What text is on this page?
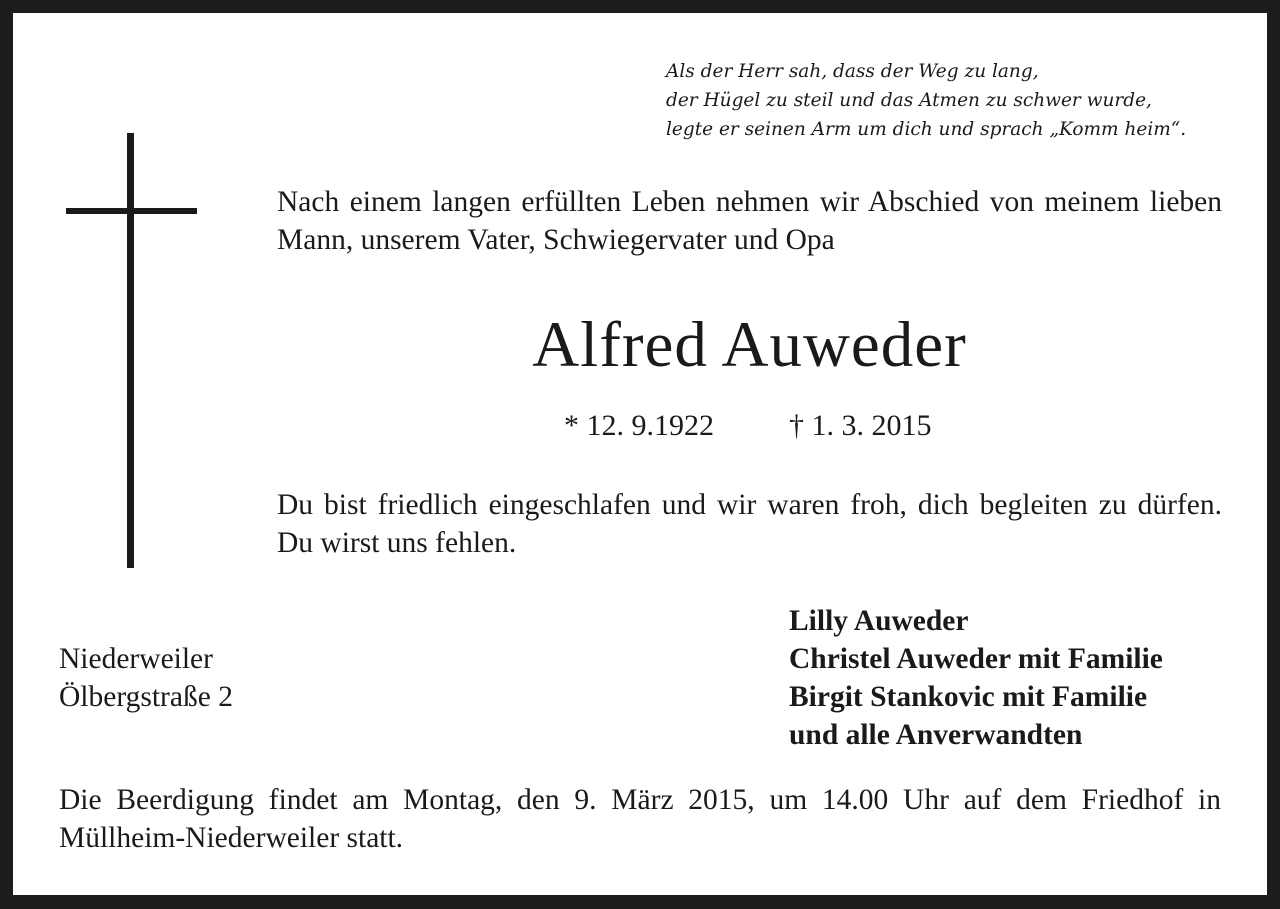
Als der Herr sah, dass der Weg zu lang,
der Hügel zu steil und das Atmen zu schwer wurde,
legte er seinen Arm um dich und sprach „Komm heim“.
Nach einem langen erfüllten Leben nehmen wir Abschied von meinem lieben Mann, unserem Vater, Schwiegervater und Opa
Alfred Auweder
* 12. 9.1922	† 1. 3. 2015
Du bist friedlich eingeschlafen und wir waren froh, dich begleiten zu dürfen. Du wirst uns fehlen.
Niederweiler
Ölbergstraße 2
Lilly Auweder
Christel Auweder mit Familie
Birgit Stankovic mit Familie
und alle Anverwandten
Die Beerdigung findet am Montag, den 9. März 2015, um 14.00 Uhr auf dem Friedhof in Müllheim-Niederweiler statt.
